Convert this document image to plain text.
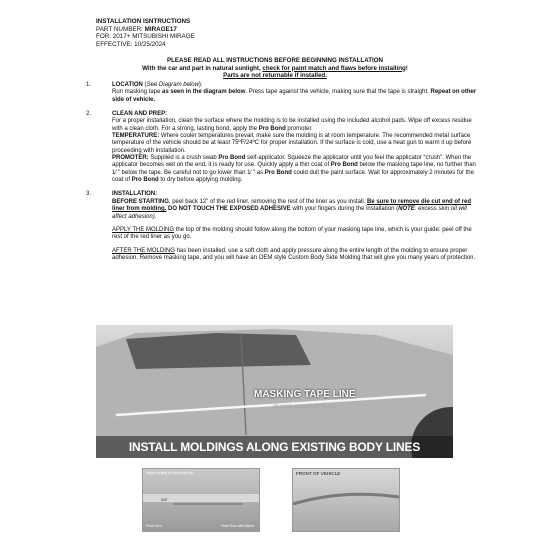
INSTALLATION ISNTRUCTIONS
PART NUMBER: MIRAGE17
FOR: 2017+ MITSUBISHI MIRAGE
EFFECTIVE: 10/25/2024
PLEASE READ ALL INSTRUCTIONS BEFORE BEGINNING INSTALLATION
With the car and part in natural sunlight, check for paint match and flaws before installing!
Parts are not returnable if installed.
1.	LOCATION (See Diagram below):

Run masking tape as seen in the diagram below. Press tape against the vehicle, making sure that the tape is straight. Repeat on other side of vehicle.

2.	CLEAN AND PREP:

For a proper installation, clean the surface where the molding is to be installed using the included alcohol pads. Wipe off excess residue with a clean cloth. For a strong, lasting bond, apply the Pro Bond promoter.
TEMPERATURE: Where cooler temperatures prevail, make sure the molding is at room temperature. The recommended metal surface temperature of the vehicle should be at least 75ºF/24ºC for proper installation. If the surface is cold, use a heat gun to warm it up before proceeding with installation.
PROMOTER: Supplied is a crush swab Pro Bond self-applicator. Squeeze the applicator until you feel the applicator “crush”. When the applicator becomes wet on the end, it is ready for use. Quickly apply a thin coat of Pro Bond below the masking tape line, no further than 1⁄ ” below the tape. Be careful not to go lower than 1⁄ ” as Pro Bond could dull the paint surface. Wait for approximately 2 minutes for the coat of Pro Bond to dry before applying molding.

3.	INSTALLATION:

BEFORE STARTING, peel back 12” of the red liner, removing the rest of the liner as you install. Be sure to remove die cut end of red liner from molding. DO NOT TOUCH THE EXPOSED ADHESIVE with your fingers during the installation (NOTE: excess skin oil will affect adhesion).

APPLY THE MOLDING the top of the molding should follow along the bottom of your masking tape line, which is your guide: peel off the rest of the red liner as you go.

AFTER THE MOLDING has been installed, use a soft cloth and apply pressure along the entire length of the molding to ensure proper adhesion. Remove masking tape, and you will have an OEM style Custom Body Side Molding that will give you many years of protection.

MASKING TAPE LINE
PLACE MOLDING HERE
INSTALL MOLDINGS ALONG EXISTING BODY LINES
Adjust molding to follow body line
5/8"
Front Door	Rear Door with Name
FRONT OF VEHICLE
